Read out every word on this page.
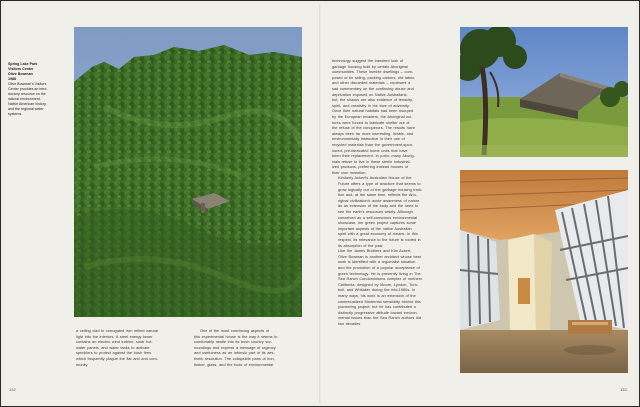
Spring Lake Park
Visitors Center
Olive Bowman
1988
Olive Bowman's Visitors
Center provides an intro-
ductory resource on the
natural environment,
Native American history,
and the regional water
systems.
a ceiling clad in corrugated iron reflect natural
light into the interiors. A steel energy tower
contains an electric wind turbine, solar hot-
water panels, and water tanks to activate
sprinklers to protect against the bush fires
which frequently plague the flat arid and com-
munity.
One of the most convincing aspects of
this experimental house is the way it seems to
comfortably nestle into its bush country sur-
roundings and express a message of urgency
and usefulness as an intrinsic part of its aes-
thetic resolution. The collapsible pans of iron,
timber, glass, and the tools of environmental
132

technology suggest the transient look of
garbage housing built by certain Aboriginal
communities. These humble dwellings – com-
posed of tin siding, packing cartons, old fabric,
and other discarded materials – represent a
sad commentary on the continuing abuse and
deprivation imposed on Native Australians;
but, the shacks are also evidence of tenacity,
spirit, and creativity in the face of adversity.
Once their natural habitats had been usurped
by the European invaders, the Aboriginal cul-
tures were forced to fabricate shelter out of
the refuse of the conquerors. The results have
always been far more interesting, livable, and
environmentally instructive in their use of
recycled materials than the government-spon-
sored, pre-fabricated home units that have
been their replacement. In point, many Aborig-
inals refuse to live in these sterile industrial-
ized products, preferring instead houses of
their own invention.

Kimberly Ackert's Australian House of the
Future offers a type of structure that seems to
grow logically out of the garbage housing tradi-
tion and, at the same time, reflects the Abo-
riginal civilization's acute awareness of nature
as an extension of the body and the need to
see the earth's resources wisely. Although
conceived as a self-conscious environmental
showcase, her green project captures some
important aspects of the native Australian
spirit with a great economy of means. In this
respect, its relevance to the future is rooted in
its absorption of the past.

Like the James Brothers and Kim Ackert,
Olive Bowman is another architect whose best
work is identified with a regionalist situation
and the promotion of a popular acceptance of
green technology. He is presently living in The
Sea Ranch Condominiums complex of northern
California, designed by Moore, Lyndon, Turn-
bull, and Whitaker during the mid-1960s. In
many ways, his work is an extension of the
contextualized Modernist sensibility behind this
pioneering project; but he has contributed a
distinctly progressive attitude toward environ-
mental issues than the Sea Ranch authors did
two decades

133
